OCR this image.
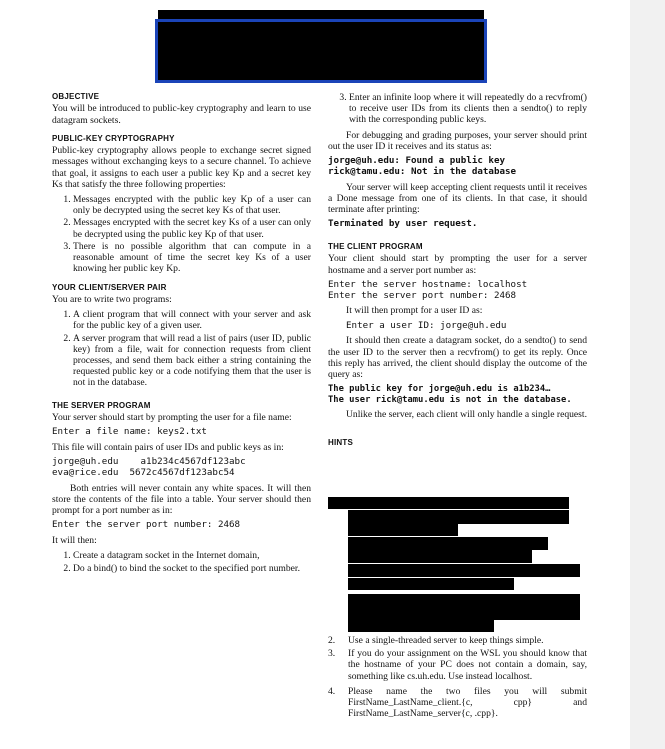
OBJECTIVE

You will be introduced to public-key cryptography and learn to use datagram sockets.

PUBLIC-KEY CRYPTOGRAPHY

Public-key cryptography allows people to exchange secret signed messages without exchanging keys to a secure channel. To achieve that goal, it assigns to each user a public key Kp and a secret key Ks that satisfy the three following properties:

1. Messages encrypted with the public key Kp of a user can only be decrypted using the secret key Ks of that user.
2. Messages encrypted with the secret key Ks of a user can only be decrypted using the public key Kp of that user.
3. There is no possible algorithm that can compute in a reasonable amount of time the secret key Ks of a user knowing her public key Kp.
YOUR CLIENT/SERVER PAIR

You are to write two programs:

1. A client program that will connect with your server and ask for the public key of a given user.
2. A server program that will read a list of pairs (user ID, public key) from a file, wait for connection requests from client processes, and send them back either a string containing the requested public key or a code notifying them that the user is not in the database.
THE SERVER PROGRAM

Your server should start by prompting the user for a file name:

Enter a file name: keys2.txt

This file will contain pairs of user IDs and public keys as in:

jorge@uh.edu    a1b234c4567df123abc
eva@rice.edu  5672c4567df123abc54

Both entries will never contain any white spaces. It will then store the contents of the file into a table. Your server should then prompt for a port number as in:

Enter the server port number: 2468

It will then:

1. Create a datagram socket in the Internet domain,
2. Do a bind() to bind the socket to the specified port number.
3. Enter an infinite loop where it will repeatedly do a recvfrom() to receive user IDs from its clients then a sendto() to reply with the corresponding public keys.

For debugging and grading purposes, your server should print out the user ID it receives and its status as:

jorge@uh.edu: Found a public key
rick@tamu.edu: Not in the database

Your server will keep accepting client requests until it receives a Done message from one of its clients. In that case, it should terminate after printing:

Terminated by user request.
THE CLIENT PROGRAM

Your client should start by prompting the user for a server hostname and a server port number as:

Enter the server hostname: localhost
Enter the server port number: 2468

It will then prompt for a user ID as:

Enter a user ID: jorge@uh.edu

It should then create a datagram socket, do a sendto() to send the user ID to the server then a recvfrom() to get its reply. Once this reply has arrived, the client should display the outcome of the query as:

The public key for jorge@uh.edu is a1b234…
The user rick@tamu.edu is not in the database.

Unlike the server, each client will only handle a single request.

HINTS
2.	Use a single-threaded server to keep things simple.
3.	If you do your assignment on the WSL you should know that the hostname of your PC does not contain a domain, say, something like cs.uh.edu. Use instead localhost.
4.	Please name the two files you will submit FirstName_LastName_client.{c, cpp} and FirstName_LastName_server{c, .cpp}.
